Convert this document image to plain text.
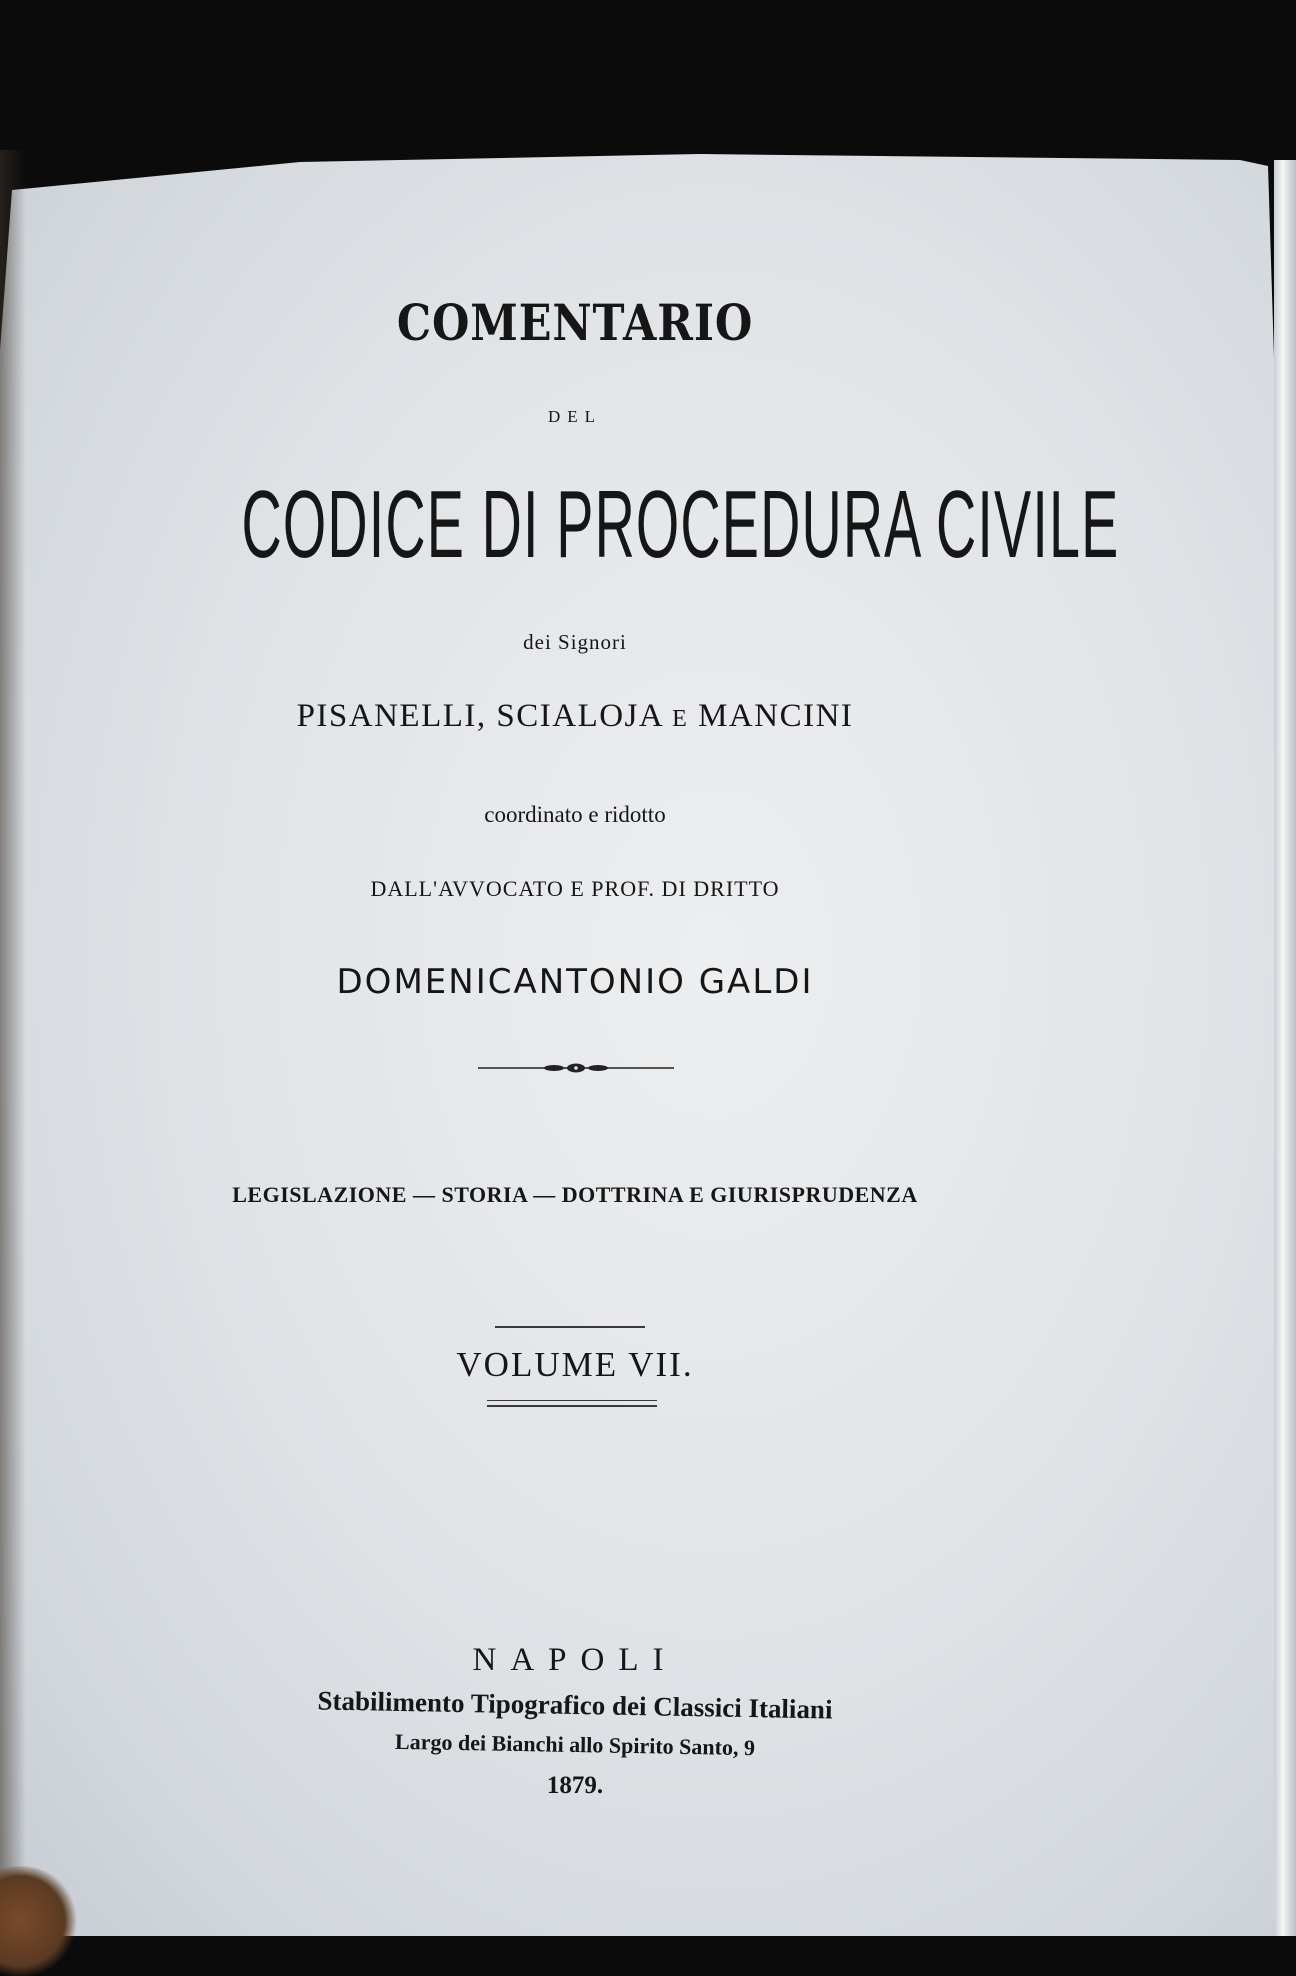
COMENTARIO
DEL
CODICE DI PROCEDURA CIVILE
dei Signori
PISANELLI, SCIALOJA E MANCINI
coordinato e ridotto
DALL'AVVOCATO E PROF. DI DRITTO
DOMENICANTONIO GALDI
LEGISLAZIONE — STORIA — DOTTRINA E GIURISPRUDENZA
VOLUME VII.
NAPOLI
Stabilimento Tipografico dei Classici Italiani
Largo dei Bianchi allo Spirito Santo, 9
1879.
